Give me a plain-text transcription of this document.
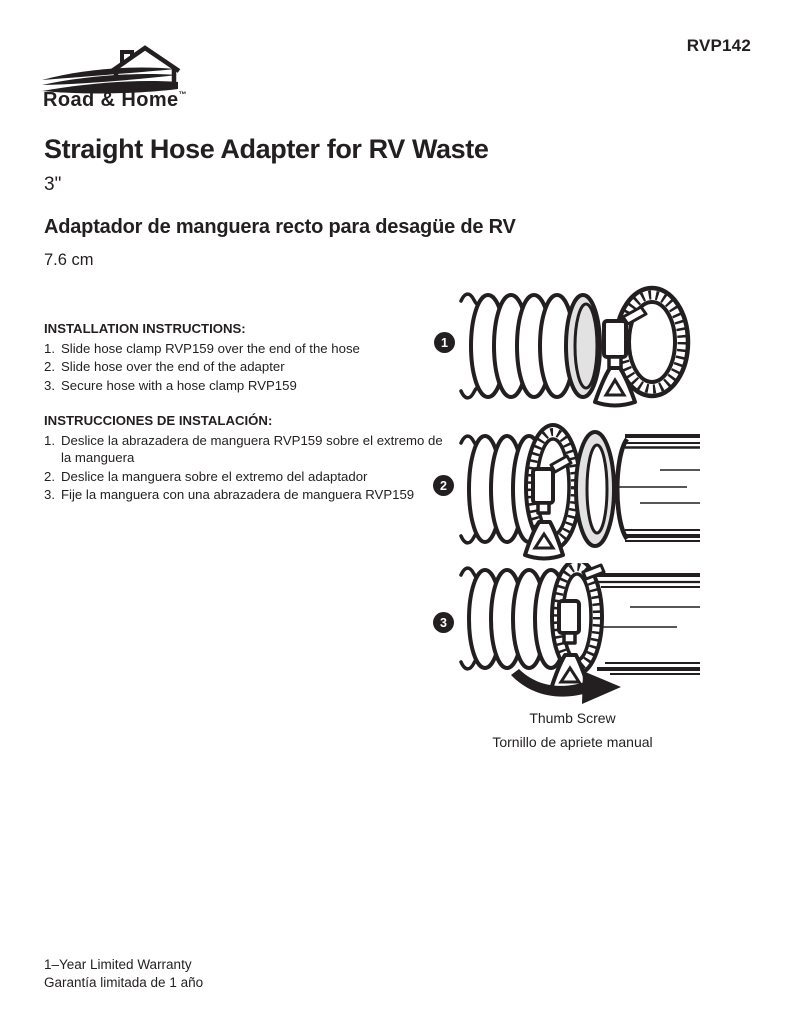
Road & Home™
RVP142
Straight Hose Adapter for RV Waste
3"
Adaptador de manguera recto para desagüe de RV
7.6 cm
INSTALLATION INSTRUCTIONS:
1. Slide hose clamp RVP159 over the end of the hose
2. Slide hose over the end of the adapter
3. Secure hose with a hose clamp RVP159
INSTRUCCIONES DE INSTALACIÓN:
1. Deslice la abrazadera de manguera RVP159 sobre el extremo de la manguera
2. Deslice la manguera sobre el extremo del adaptador
3. Fije la manguera con una abrazadera de manguera RVP159
1
2
3
Thumb Screw
Tornillo de apriete manual
1–Year Limited Warranty
Garantía limitada de 1 año
